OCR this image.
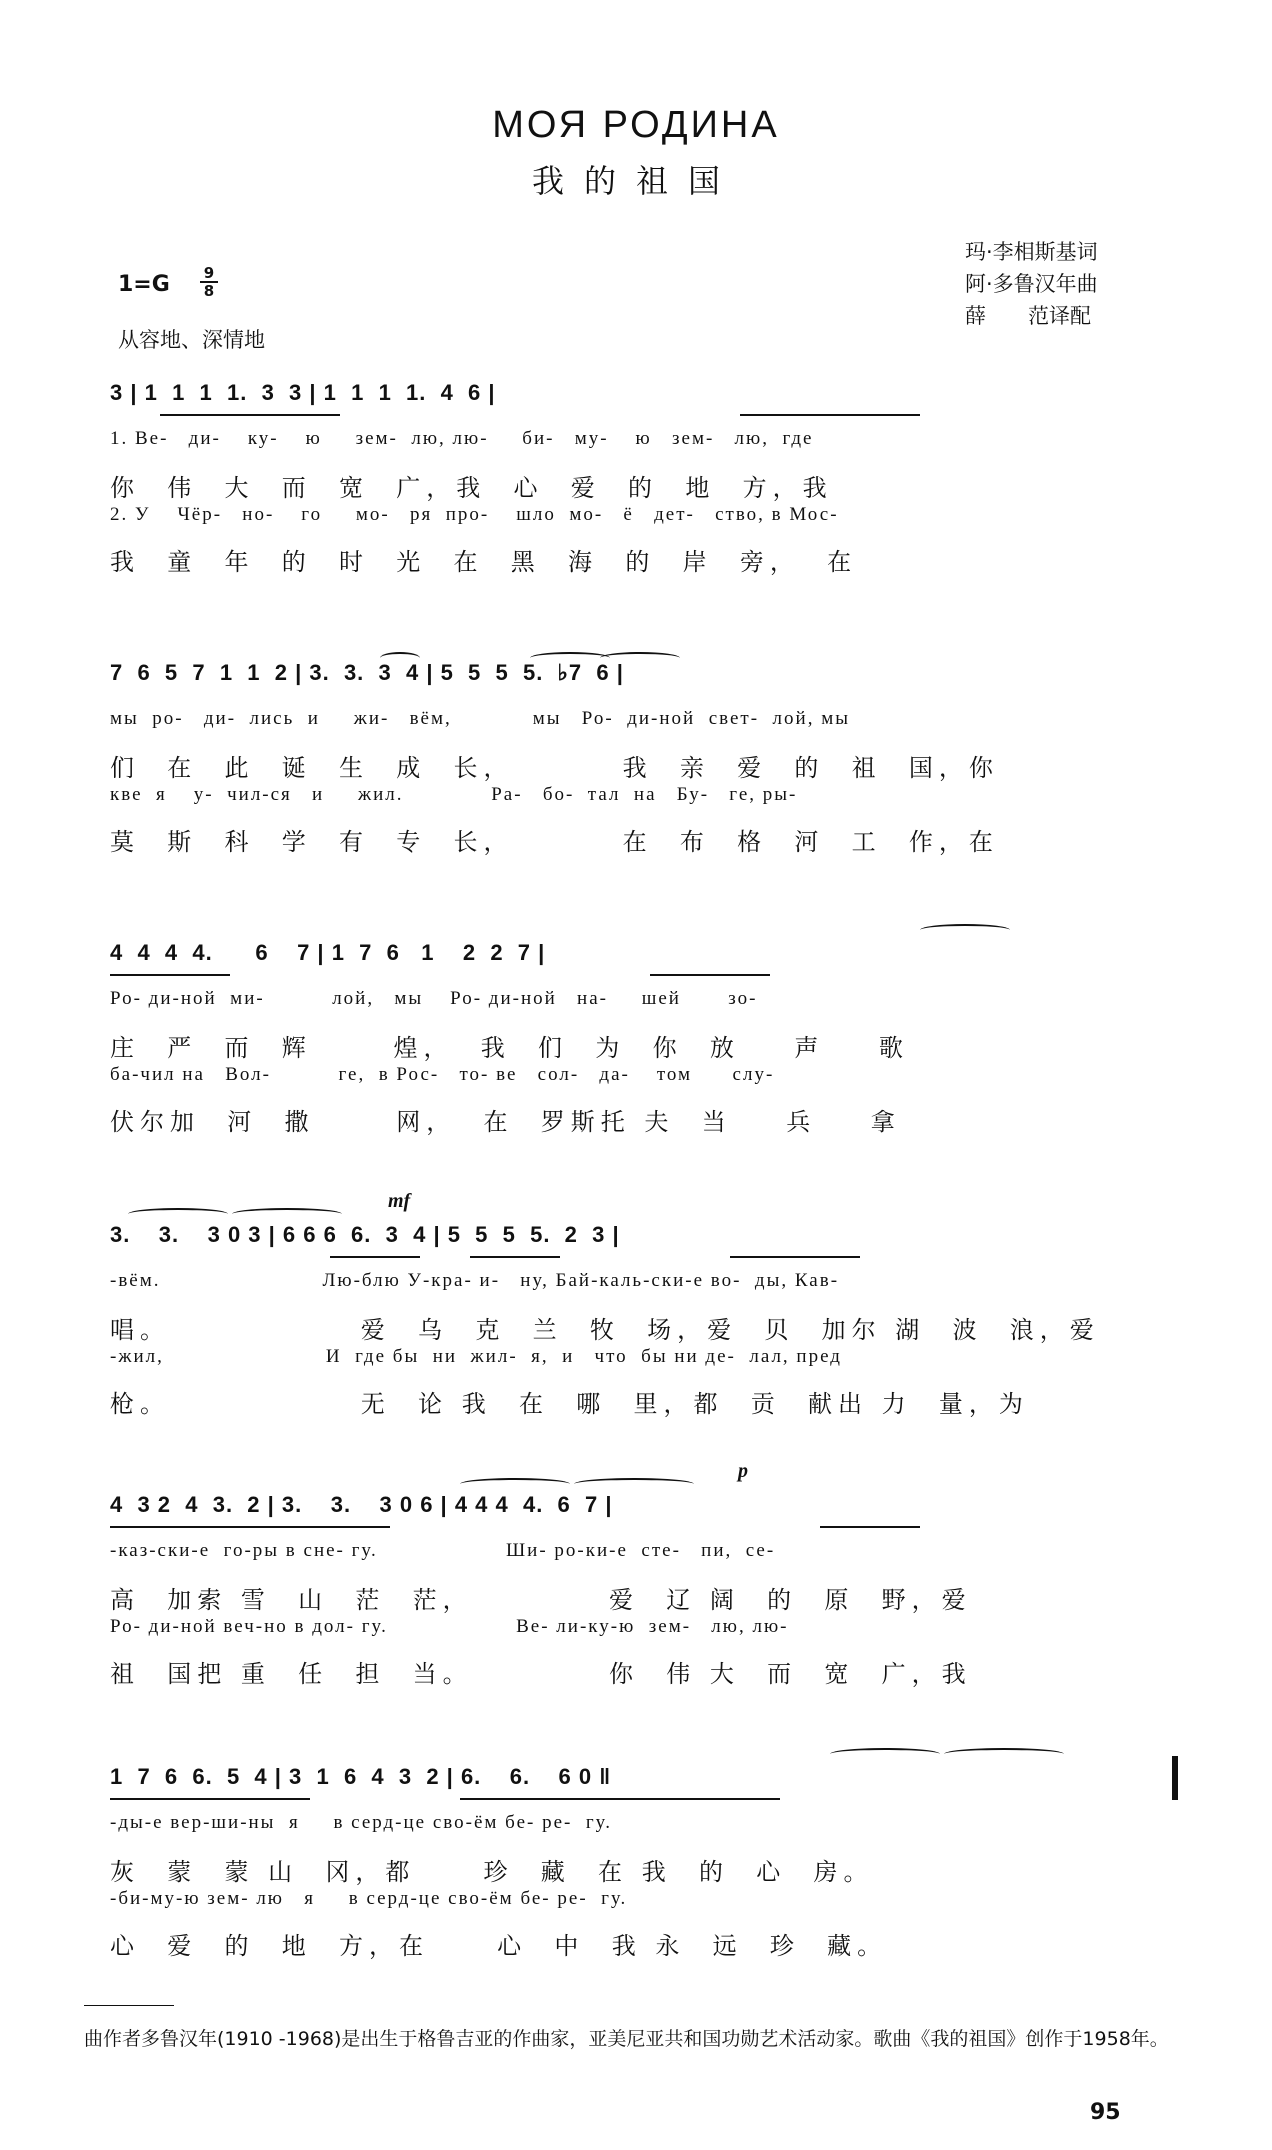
МОЯ РОДИНА
我的祖国
玛·李相斯基词
阿·多鲁汉年曲
薛　　范译配
1=G 9
8
从容地、深情地
3 | 1  1  1  1.  3  3 | 1  1  1  1.  4  6 |
1. Ве-   ди-    ку-    ю     зем-  лю, лю-     би-   му-    ю   зем-   лю,  где
你  伟  大  而  宽  广，我  心  爱  的  地  方，我
2. У    Чёр-   но-    го     мо-   ря  про-    шло  мо-   ё   дет-   ство, в Мос-
我  童  年  的  时  光  在  黑  海  的  岸  旁，  在
7  6  5  7  1  1  2 | 3.  3.  3  4 | 5  5  5  5.  ♭7  6 |
мы  ро-   ди-  лись  и     жи-   вём,            мы   Ро-  ди-ной  свет-  лой, мы
们  在  此  诞  生  成  长，        我  亲  爱  的  祖  国，你
кве  я    у-  чил-ся   и     жил.             Ра-   бо-  тал  на   Бу-   ге, ры-
莫  斯  科  学  有  专  长，        在  布  格  河  工  作，在
4  4  4  4.      6    7 | 1  7  6   1    2  2  7 |
Ро- ди-ной  ми-          лой,   мы    Ро- ди-ной   на-     шей       зо-
庄  严  而  辉      煌，  我  们  为  你  放    声    歌
ба-чил на   Вол-          ге,  в Рос-   то- ве   сол-   да-    том      слу-
伏尔加  河  撒      网，  在  罗斯托 夫  当    兵    拿
mf
3.    3.    3 0 3 | 6 6 6  6.  3  4 | 5  5  5  5.  2  3 |
-вём.                        Лю-блю У-кра- и-   ну, Бай-каль-ски-е во-  ды, Кав-
唱。              爱  乌  克  兰  牧  场，爱  贝  加尔 湖  波  浪，爱
-жил,                        И  где бы  ни  жил-  я,  и   что  бы ни де-  лал, пред
枪。              无  论 我  在  哪  里，都  贡  献出 力  量，为
p
4  3 2  4  3.  2 | 3.    3.    3 0 6 | 4 4 4  4.  6  7 |
-каз-ски-е  го-ры в сне- гу.                   Ши- ро-ки-е  сте-   пи,  се-
高  加索 雪  山  茫  茫，          爱  辽 阔  的  原  野，爱
Ро- ди-ной веч-но в дол- гу.                   Ве- ли-ку-ю  зем-   лю, лю-
祖  国把 重  任  担  当。          你  伟 大  而  宽  广，我
1  7  6  6.  5  4 | 3  1  6  4  3  2 | 6.    6.    6 0 ‖
-ды-е вер-ши-ны  я     в серд-це сво-ём бе- ре-  гу.
灰  蒙  蒙 山  冈，都     珍  藏  在 我  的  心  房。
-би-му-ю зем- лю   я     в серд-це сво-ём бе- ре-  гу.
心  爱  的  地  方，在     心  中  我 永  远  珍  藏。
曲作者多鲁汉年(1910 -1968)是出生于格鲁吉亚的作曲家，亚美尼亚共和国功勋艺术活动家。歌曲《我的祖国》创作于1958年。
95
